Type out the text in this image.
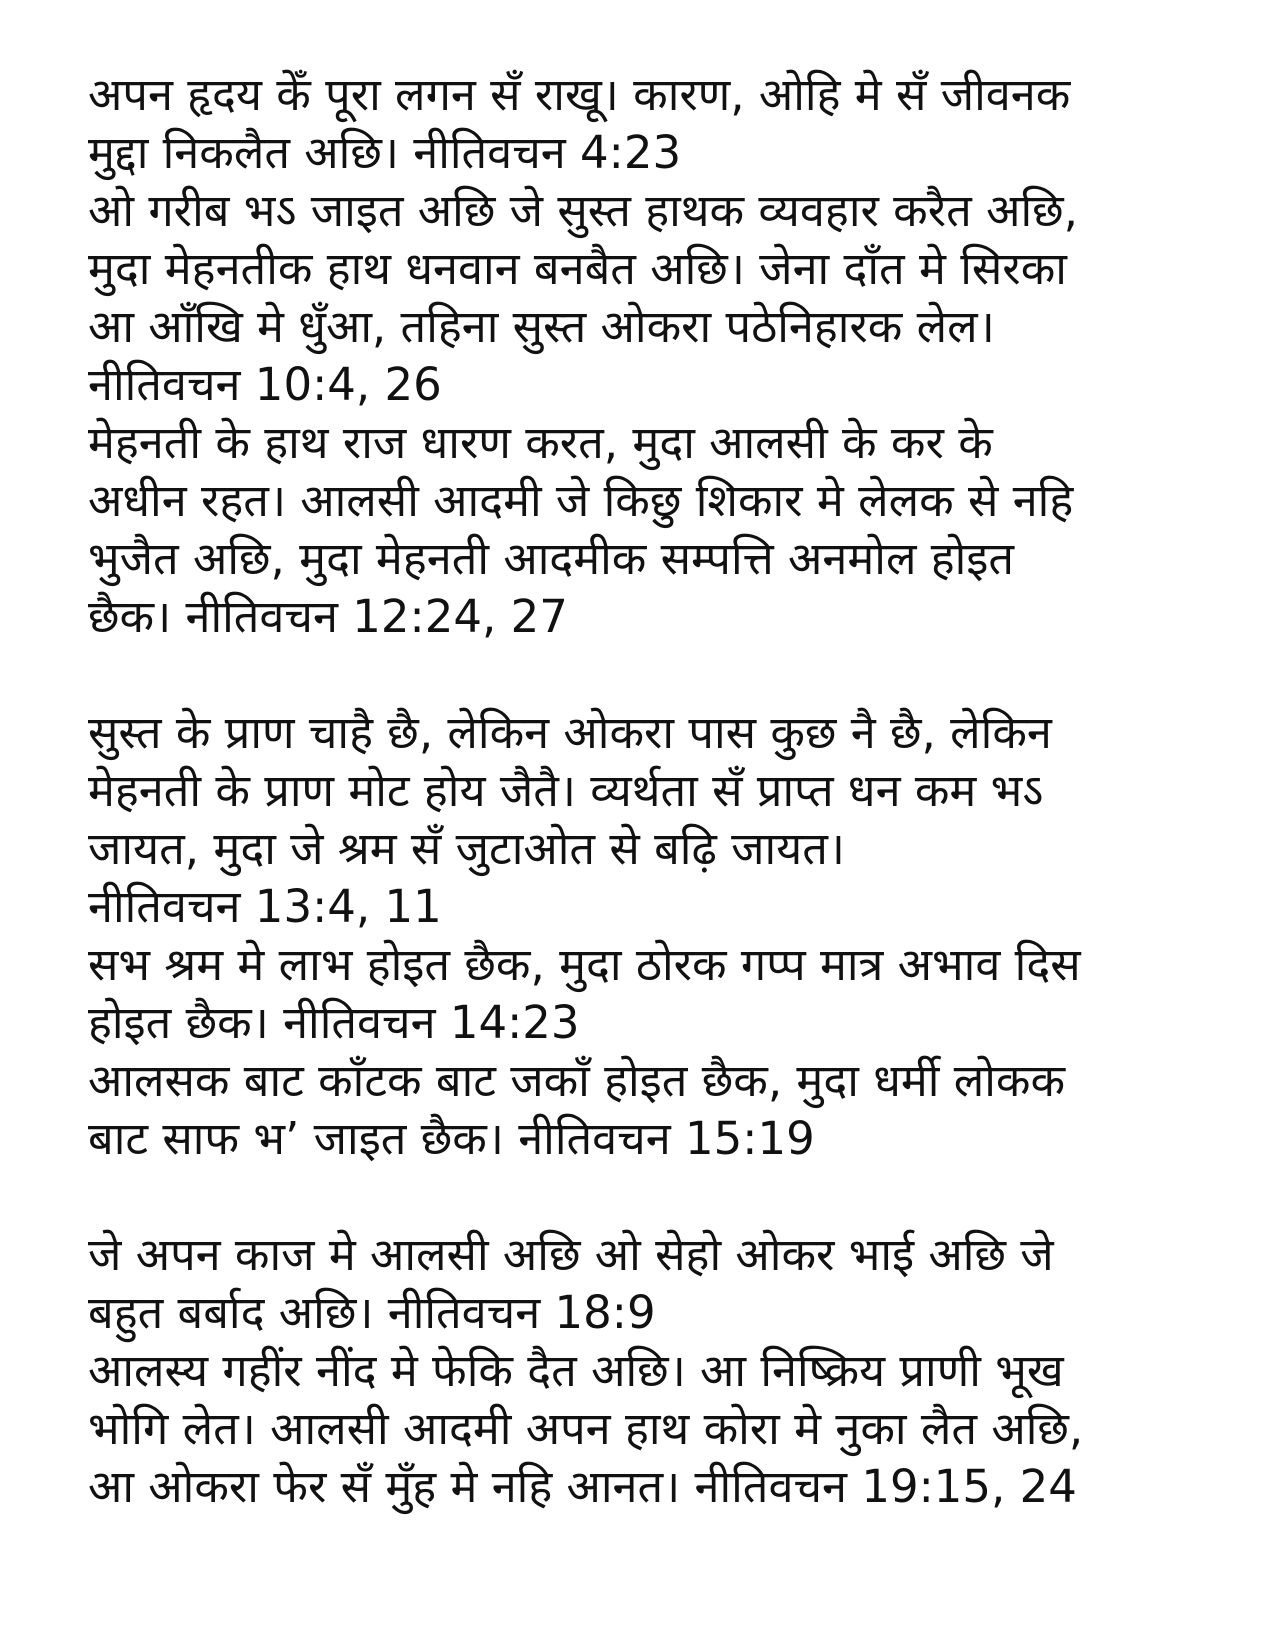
अपन हृदय केँ पूरा लगन सँ राखू। कारण, ओहि मे सँ जीवनक
मुद्दा निकलैत अछि। नीतिवचन 4:23
ओ गरीब भऽ जाइत अछि जे सुस्त हाथक व्यवहार करैत अछि,
मुदा मेहनतीक हाथ धनवान बनबैत अछि। जेना दाँत मे सिरका
आ आँखि मे धुँआ, तहिना सुस्त ओकरा पठेनिहारक लेल।
नीतिवचन 10:4, 26
मेहनती के हाथ राज धारण करत, मुदा आलसी के कर के
अधीन रहत। आलसी आदमी जे किछु शिकार मे लेलक से नहि
भुजैत अछि, मुदा मेहनती आदमीक सम्पत्ति अनमोल होइत
छैक। नीतिवचन 12:24, 27
सुस्त के प्राण चाहै छै, लेकिन ओकरा पास कुछ नै छै, लेकिन
मेहनती के प्राण मोट होय जैतै। व्यर्थता सँ प्राप्त धन कम भऽ
जायत, मुदा जे श्रम सँ जुटाओत से बढ़ि जायत।
नीतिवचन 13:4, 11
सभ श्रम मे लाभ होइत छैक, मुदा ठोरक गप्प मात्र अभाव दिस
होइत छैक। नीतिवचन 14:23
आलसक बाट काँटक बाट जकाँ होइत छैक, मुदा धर्मी लोकक
बाट साफ भ’ जाइत छैक। नीतिवचन 15:19
जे अपन काज मे आलसी अछि ओ सेहो ओकर भाई अछि जे
बहुत बर्बाद अछि। नीतिवचन 18:9
आलस्य गहींर नींद मे फेकि दैत अछि। आ निष्क्रिय प्राणी भूख
भोगि लेत। आलसी आदमी अपन हाथ कोरा मे नुका लैत अछि,
आ ओकरा फेर सँ मुँह मे नहि आनत। नीतिवचन 19:15, 24
